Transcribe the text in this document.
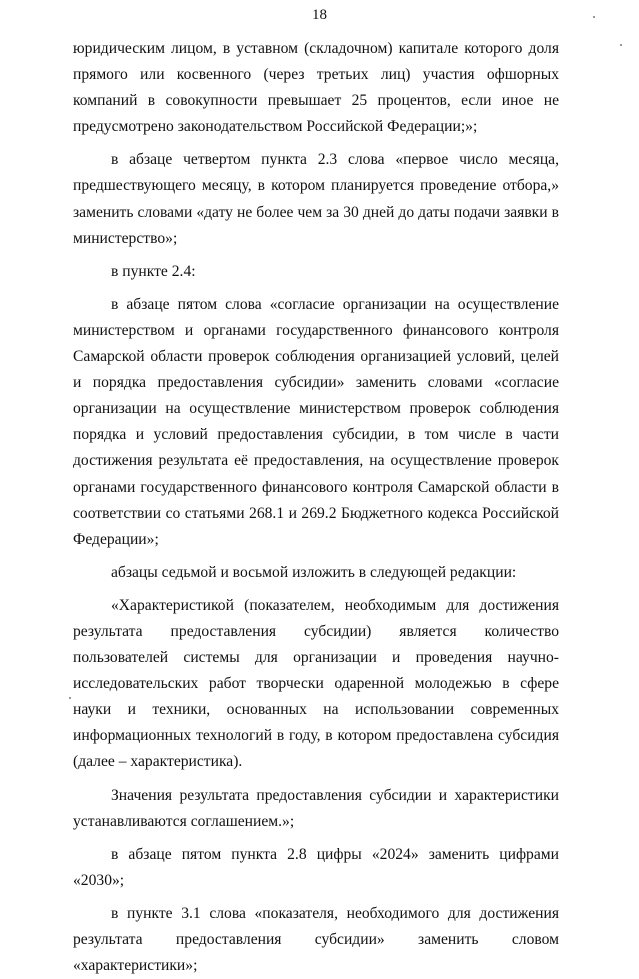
18

юридическим лицом, в уставном (складочном) капитале которого доля прямого или косвенного (через третьих лиц) участия офшорных компаний в совокупности превышает 25 процентов, если иное не предусмотрено законодательством Российской Федерации;»;

в абзаце четвертом пункта 2.3 слова «первое число месяца, предшествующего месяцу, в котором планируется проведение отбора,» заменить словами «дату не более чем за 30 дней до даты подачи заявки в министерство»;

в пункте 2.4:

в абзаце пятом слова «согласие организации на осуществление министерством и органами государственного финансового контроля Самарской области проверок соблюдения организацией условий, целей и порядка предоставления субсидии» заменить словами «согласие организации на осуществление министерством проверок соблюдения порядка и условий предоставления субсидии, в том числе в части достижения результата её предоставления, на осуществление проверок органами государственного финансового контроля Самарской области в соответствии со статьями 268.1 и 269.2 Бюджетного кодекса Российской Федерации»;

абзацы седьмой и восьмой изложить в следующей редакции:

«Характеристикой (показателем, необходимым для достижения результата предоставления субсидии) является количество пользователей системы для организации и проведения научно-исследовательских работ творчески одаренной молодежью в сфере науки и техники, основанных на использовании современных информационных технологий в году, в котором предоставлена субсидия (далее – характеристика).

Значения результата предоставления субсидии и характеристики устанавливаются соглашением.»;

в абзаце пятом пункта 2.8 цифры «2024» заменить цифрами «2030»;

в пункте 3.1 слова «показателя, необходимого для достижения результата предоставления субсидии» заменить словом «характеристики»;
